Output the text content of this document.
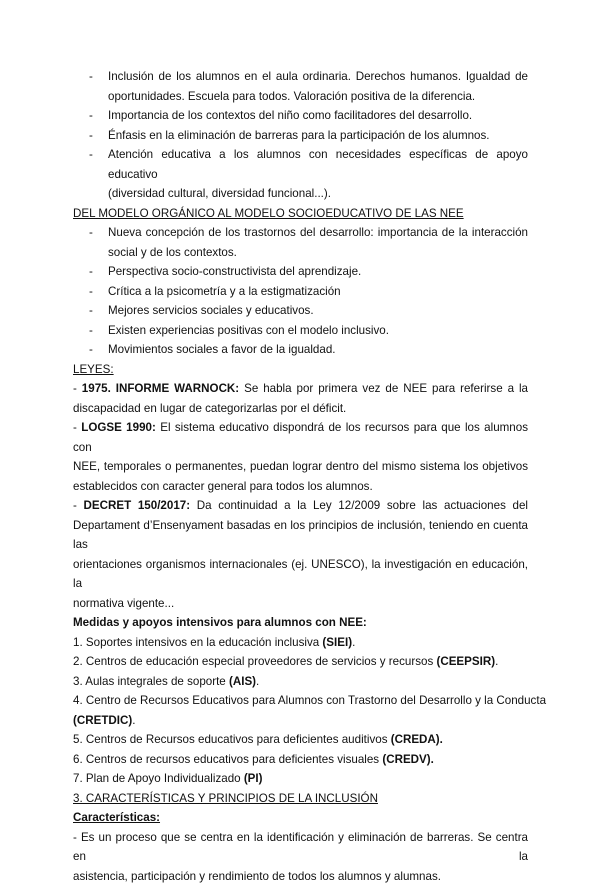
- Inclusión de los alumnos en el aula ordinaria. Derechos humanos. Igualdad de
oportunidades. Escuela para todos. Valoración positiva de la diferencia.
- Importancia de los contextos del niño como facilitadores del desarrollo.
- Énfasis en la eliminación de barreras para la participación de los alumnos.
- Atención educativa a los alumnos con necesidades específicas de apoyo educativo
(diversidad cultural, diversidad funcional...).
DEL MODELO ORGÁNICO AL MODELO SOCIOEDUCATIVO DE LAS NEE
- Nueva concepción de los trastornos del desarrollo: importancia de la interacción
social y de los contextos.
- Perspectiva socio-constructivista del aprendizaje.
- Crítica a la psicometría y a la estigmatización
- Mejores servicios sociales y educativos.
- Existen experiencias positivas con el modelo inclusivo.
- Movimientos sociales a favor de la igualdad.
LEYES:
- 1975. INFORME WARNOCK: Se habla por primera vez de NEE para referirse a la
discapacidad en lugar de categorizarlas por el déficit.
- LOGSE 1990: El sistema educativo dispondrá de los recursos para que los alumnos con
NEE, temporales o permanentes, puedan lograr dentro del mismo sistema los objetivos
establecidos con caracter general para todos los alumnos.
- DECRET 150/2017: Da continuidad a la Ley 12/2009 sobre las actuaciones del
Departament d’Ensenyament basadas en los principios de inclusión, teniendo en cuenta las
orientaciones organismos internacionales (ej. UNESCO), la investigación en educación, la
normativa vigente...
Medidas y apoyos intensivos para alumnos con NEE:
1. Soportes intensivos en la educación inclusiva (SIEI).
2. Centros de educación especial proveedores de servicios y recursos (CEEPSIR).
3. Aulas integrales de soporte (AIS).
4. Centro de Recursos Educativos para Alumnos con Trastorno del Desarrollo y la Conducta
(CRETDIC).
5. Centros de Recursos educativos para deficientes auditivos (CREDA).
6. Centros de recursos educativos para deficientes visuales (CREDV).
7. Plan de Apoyo Individualizado (PI)
3. CARACTERÍSTICAS Y PRINCIPIOS DE LA INCLUSIÓN
Características:
- Es un proceso que se centra en la identificación y eliminación de barreras. Se centra en la
asistencia, participación y rendimiento de todos los alumnos y alumnas.
